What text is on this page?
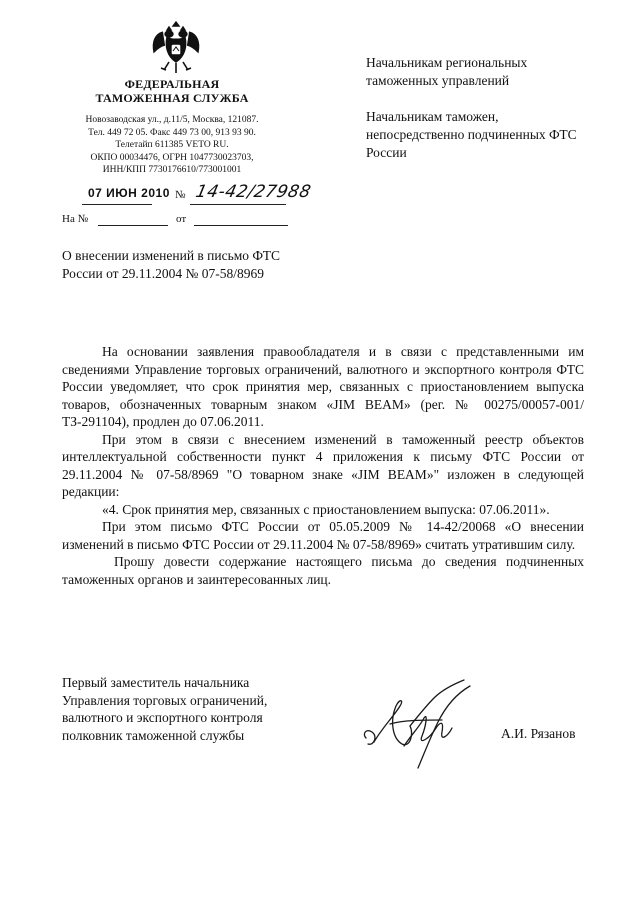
ФЕДЕРАЛЬНАЯ
ТАМОЖЕННАЯ СЛУЖБА
Новозаводская ул., д.11/5, Москва, 121087.
Тел. 449 72 05. Факс 449 73 00, 913 93 90.
Телетайп 611385 VETO RU.
ОКПО 00034476, ОГРН 1047730023703,
ИНН/КПП 7730176610/773001001
07 ИЮН 2010 № 14-42/27988
На №	от
Начальникам региональных таможенных управлений
Начальникам таможен, непосредственно подчиненных ФТС России
О внесении изменений в письмо ФТС России от 29.11.2004 № 07-58/8969

На основании заявления правообладателя и в связи с представленными им сведениями Управление торговых ограничений, валютного и экспортного контроля ФТС России уведомляет, что срок принятия мер, связанных с приостановлением выпуска товаров, обозначенных товарным знаком «JIM BEAM» (рег. № 00275/00057-001/ТЗ-291104), продлен до 07.06.2011.

При этом в связи с внесением изменений в таможенный реестр объектов интеллектуальной собственности пункт 4 приложения к письму ФТС России от 29.11.2004 № 07-58/8969 "О товарном знаке «JIM BEAM»" изложен в следующей редакции:

«4. Срок принятия мер, связанных с приостановлением выпуска: 07.06.2011».

При этом письмо ФТС России от 05.05.2009 № 14-42/20068 «О внесении изменений в письмо ФТС России от 29.11.2004 № 07-58/8969» считать утратившим силу.

Прошу довести содержание настоящего письма до сведения подчиненных таможенных органов и заинтересованных лиц.

Первый заместитель начальника
Управления торговых ограничений,
валютного и экспортного контроля
полковник таможенной службы	А.И. Рязанов
